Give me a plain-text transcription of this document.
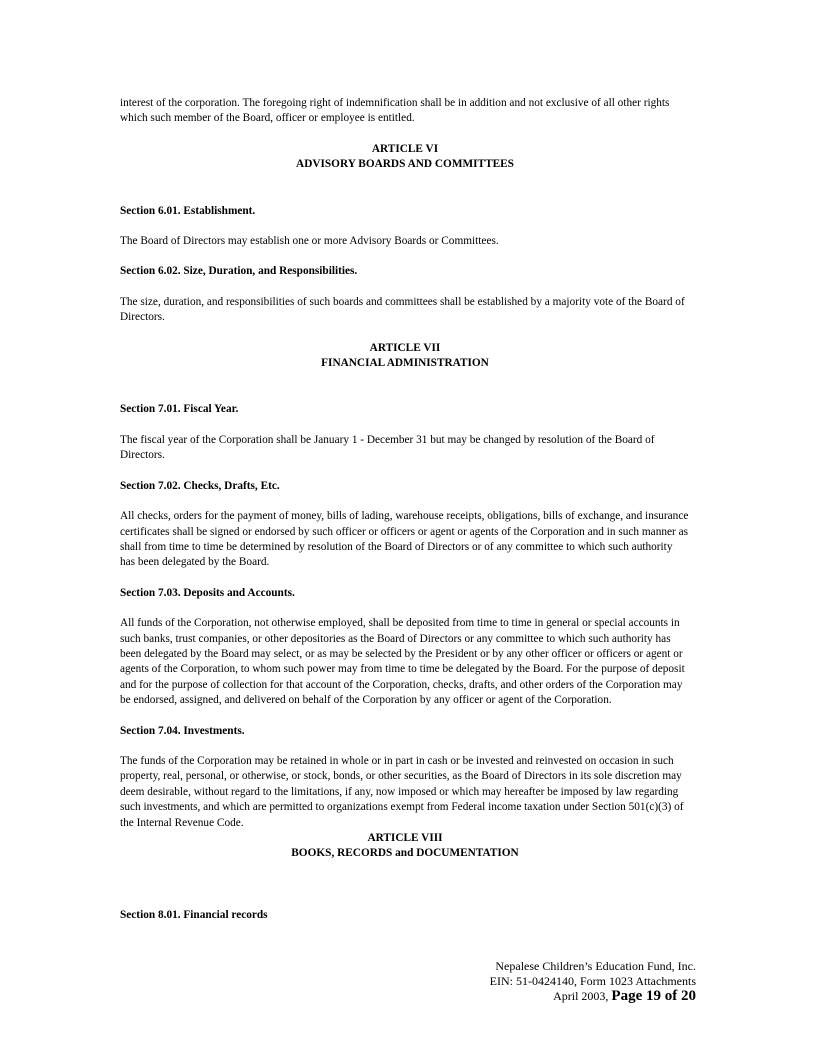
interest of the corporation. The foregoing right of indemnification shall be in addition and not exclusive of all other rights which such member of the Board, officer or employee is entitled.

ARTICLE VI
ADVISORY BOARDS AND COMMITTEES

Section 6.01. Establishment.

The Board of Directors may establish one or more Advisory Boards or Committees.

Section 6.02. Size, Duration, and Responsibilities.

The size, duration, and responsibilities of such boards and committees shall be established by a majority vote of the Board of Directors.

ARTICLE VII
FINANCIAL ADMINISTRATION

Section 7.01. Fiscal Year.

The fiscal year of the Corporation shall be January 1 - December 31 but may be changed by resolution of the Board of Directors.

Section 7.02. Checks, Drafts, Etc.

All checks, orders for the payment of money, bills of lading, warehouse receipts, obligations, bills of exchange, and insurance certificates shall be signed or endorsed by such officer or officers or agent or agents of the Corporation and in such manner as shall from time to time be determined by resolution of the Board of Directors or of any committee to which such authority has been delegated by the Board.

Section 7.03. Deposits and Accounts.

All funds of the Corporation, not otherwise employed, shall be deposited from time to time in general or special accounts in such banks, trust companies, or other depositories as the Board of Directors or any committee to which such authority has been delegated by the Board may select, or as may be selected by the President or by any other officer or officers or agent or agents of the Corporation, to whom such power may from time to time be delegated by the Board. For the purpose of deposit and for the purpose of collection for that account of the Corporation, checks, drafts, and other orders of the Corporation may be endorsed, assigned, and delivered on behalf of the Corporation by any officer or agent of the Corporation.

Section 7.04. Investments.

The funds of the Corporation may be retained in whole or in part in cash or be invested and reinvested on occasion in such property, real, personal, or otherwise, or stock, bonds, or other securities, as the Board of Directors in its sole discretion may deem desirable, without regard to the limitations, if any, now imposed or which may hereafter be imposed by law regarding such investments, and which are permitted to organizations exempt from Federal income taxation under Section 501(c)(3) of the Internal Revenue Code.

ARTICLE VIII
BOOKS, RECORDS and DOCUMENTATION

Section 8.01. Financial records

Nepalese Children’s Education Fund, Inc.
EIN: 51-0424140, Form 1023 Attachments
April 2003, Page 19 of 20
